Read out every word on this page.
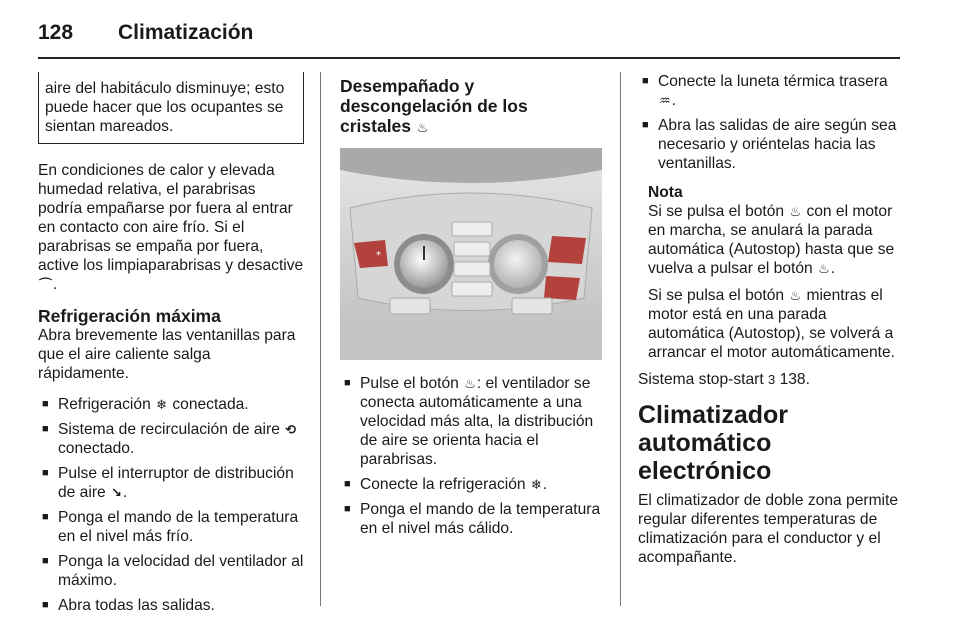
128 Climatización
aire del habitáculo disminuye; esto puede hacer que los ocupantes se sientan mareados.

En condiciones de calor y elevada humedad relativa, el parabrisas podría empañarse por fuera al entrar en contacto con aire frío. Si el parabrisas se empaña por fuera, active los limpiaparabrisas y desactive ⌒.

Refrigeración máxima

Abra brevemente las ventanillas para que el aire caliente salga rápidamente.

■ Refrigeración ❄ conectada.
■ Sistema de recirculación de aire ⟲ conectado.
■ Pulse el interruptor de distribución de aire ↘.
■ Ponga el mando de la temperatura en el nivel más frío.
■ Ponga la velocidad del ventilador al máximo.
■ Abra todas las salidas.
Desempañado y
descongelación de los
cristales ♨
*
■ Pulse el botón ♨: el ventilador se conecta automáticamente a una velocidad más alta, la distribución de aire se orienta hacia el parabrisas.
■ Conecte la refrigeración ❄.
■ Ponga el mando de la temperatura en el nivel más cálido.
■ Conecte la luneta térmica trasera ♒.
■ Abra las salidas de aire según sea necesario y oriéntelas hacia las ventanillas.
Nota

Si se pulsa el botón ♨ con el motor en marcha, se anulará la parada automática (Autostop) hasta que se vuelva a pulsar el botón ♨.

Si se pulsa el botón ♨ mientras el motor está en una parada automática (Autostop), se volverá a arrancar el motor automáticamente.

Sistema stop-start 3 138.

Climatizador automático
electrónico

El climatizador de doble zona permite regular diferentes temperaturas de climatización para el conductor y el acompañante.
